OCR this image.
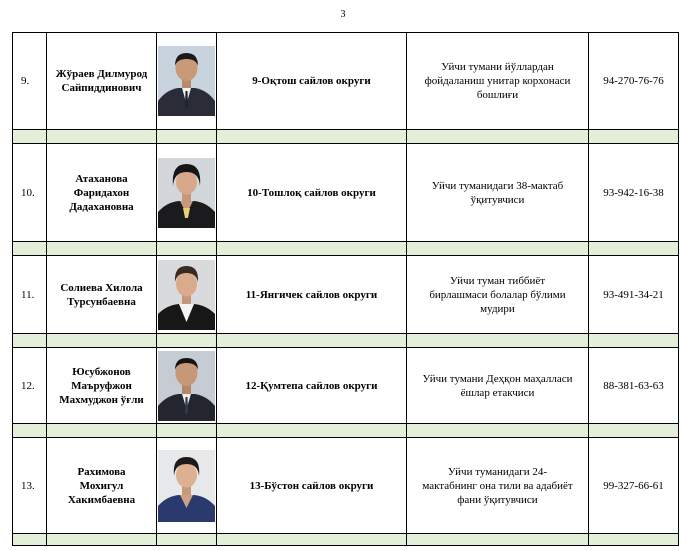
3
9.	Жўраев Дилмурод
Сайпиддинович		9-Оқтош сайлов округи	Уйчи тумани йўллардан
фойдаланиш унитар корхонаси
бошлиғи	94-270-76-76

10.	Атаханова
Фаридахон
Дадахановна		10-Тошлоқ сайлов округи	Уйчи туманидаги 38-мактаб
ўқитувчиси	93-942-16-38

11.	Солиева Хилола
Турсунбаевна		11-Янгичек сайлов округи	Уйчи туман тиббиёт
бирлашмаси болалар бўлими
мудири	93-491-34-21

12.	Юсубжонов
Маъруфжон
Махмуджон ўғли		12-Қумтепа сайлов округи	Уйчи тумани Деҳқон маҳалласи
ёшлар етакчиси	88-381-63-63

13.	Рахимова
Мохигул
Хакимбаевна		13-Бўстон сайлов округи	Уйчи туманидаги 24-
мактабнинг она тили ва адабиёт
фани ўқитувчиси	99-327-66-61
